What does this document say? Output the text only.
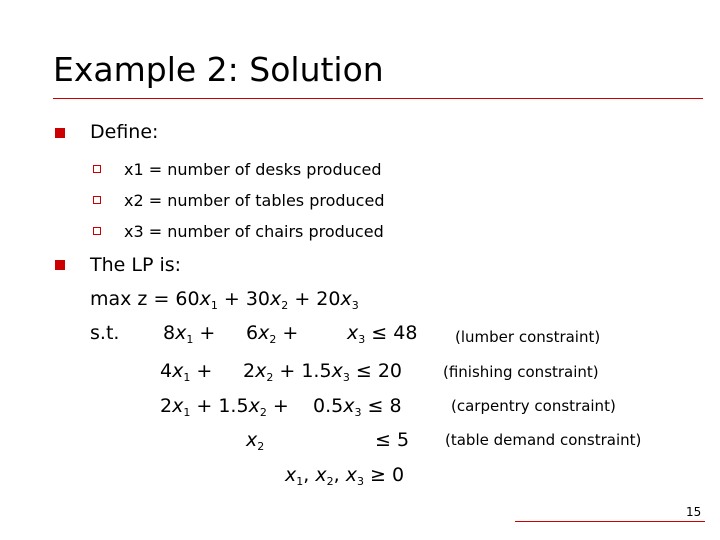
Example 2: Solution
Define:
x1 = number of desks produced
x2 = number of tables produced
x3 = number of chairs produced
The LP is:
$\max z = 60x_1 + 30x_2 + 20x_3$
s.t. $8x_1 + 6x_2$ +	$x_3 \le 48$	(lumber constraint)
$4x_1 + 2x_2 + 1.5x_3 \le 20$	(finishing constraint)
$2x_1 + 1.5x_2 + 0.5x_3 \le 8$	(carpentry constraint)
$x_2$	≤ 5 (table demand constraint)
$x_1$, $x_2$, $x_3 \ge 0$
15
